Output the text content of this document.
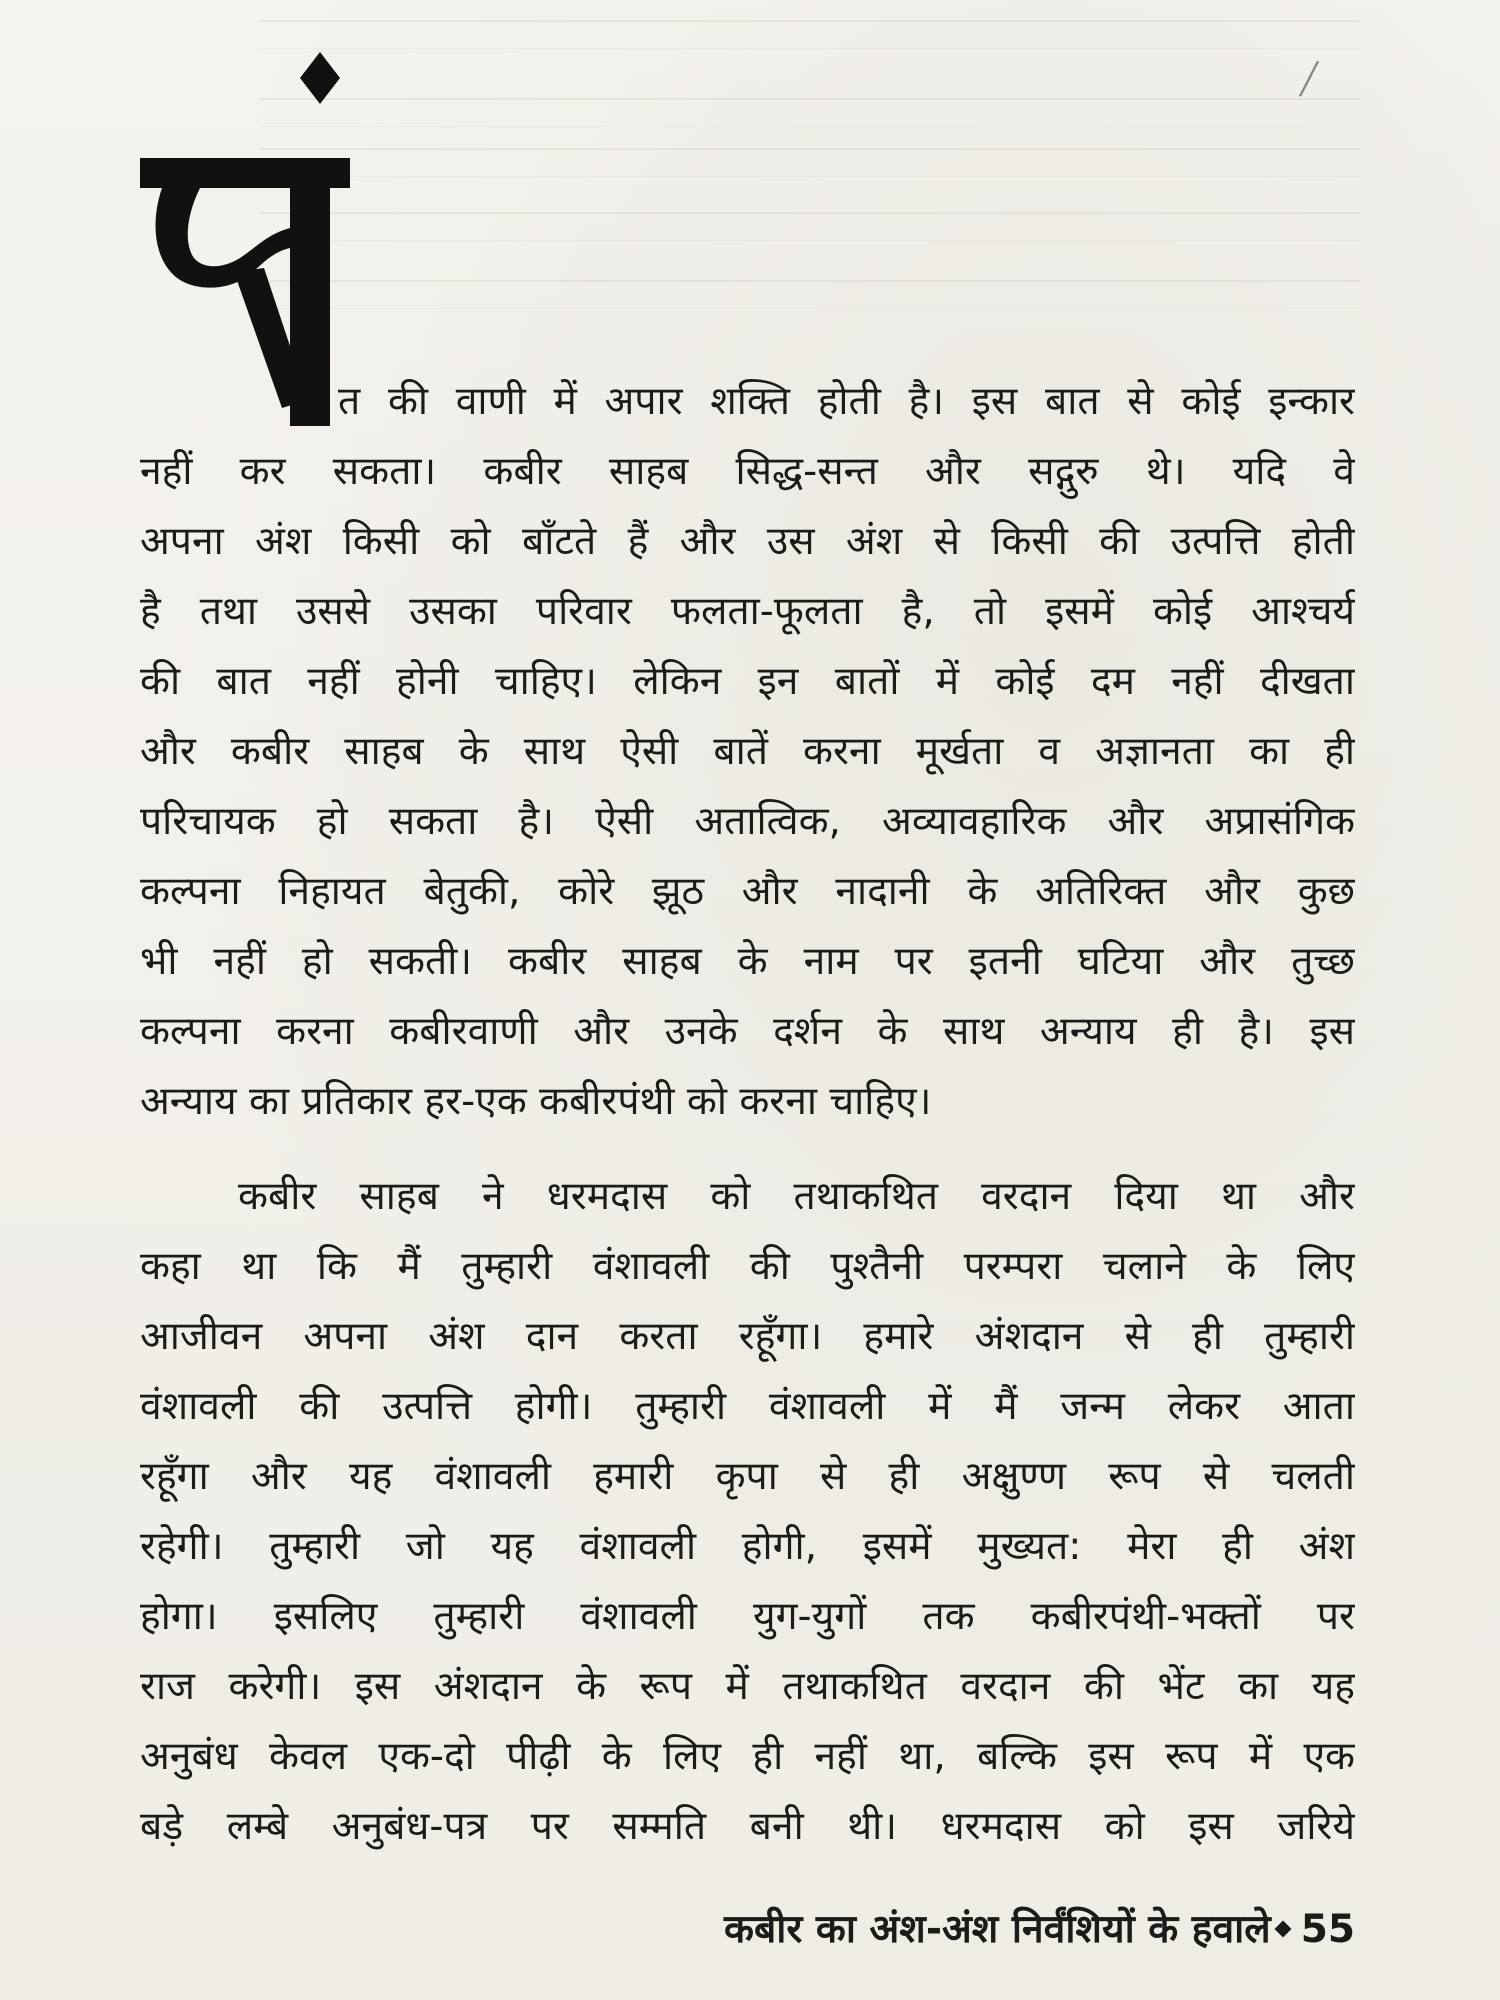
╱
त की वाणी में अपार शक्ति होती है। इस बात से कोई इन्कार
नहीं कर सकता। कबीर साहब सिद्ध-सन्त और सद्गुरु थे। यदि वे
अपना अंश किसी को बाँटते हैं और उस अंश से किसी की उत्पत्ति होती
है तथा उससे उसका परिवार फलता-फूलता है, तो इसमें कोई आश्चर्य
की बात नहीं होनी चाहिए। लेकिन इन बातों में कोई दम नहीं दीखता
और कबीर साहब के साथ ऐसी बातें करना मूर्खता व अज्ञानता का ही
परिचायक हो सकता है। ऐसी अतात्विक, अव्यावहारिक और अप्रासंगिक
कल्पना निहायत बेतुकी, कोरे झूठ और नादानी के अतिरिक्त और कुछ
भी नहीं हो सकती। कबीर साहब के नाम पर इतनी घटिया और तुच्छ
कल्पना करना कबीरवाणी और उनके दर्शन के साथ अन्याय ही है। इस
अन्याय का प्रतिकार हर-एक कबीरपंथी को करना चाहिए।
कबीर साहब ने धरमदास को तथाकथित वरदान दिया था और
कहा था कि मैं तुम्हारी वंशावली की पुश्तैनी परम्परा चलाने के लिए
आजीवन अपना अंश दान करता रहूँगा। हमारे अंशदान से ही तुम्हारी
वंशावली की उत्पत्ति होगी। तुम्हारी वंशावली में मैं जन्म लेकर आता
रहूँगा और यह वंशावली हमारी कृपा से ही अक्षुण्ण रूप से चलती
रहेगी। तुम्हारी जो यह वंशावली होगी, इसमें मुख्यत: मेरा ही अंश
होगा। इसलिए तुम्हारी वंशावली युग-युगों तक कबीरपंथी-भक्तों पर
राज करेगी। इस अंशदान के रूप में तथाकथित वरदान की भेंट का यह
अनुबंध केवल एक-दो पीढ़ी के लिए ही नहीं था, बल्कि इस रूप में एक
बड़े लम्बे अनुबंध-पत्र पर सम्मति बनी थी। धरमदास को इस जरिये
कबीर का अंश-अंश निर्वंशियों के हवाले 55
